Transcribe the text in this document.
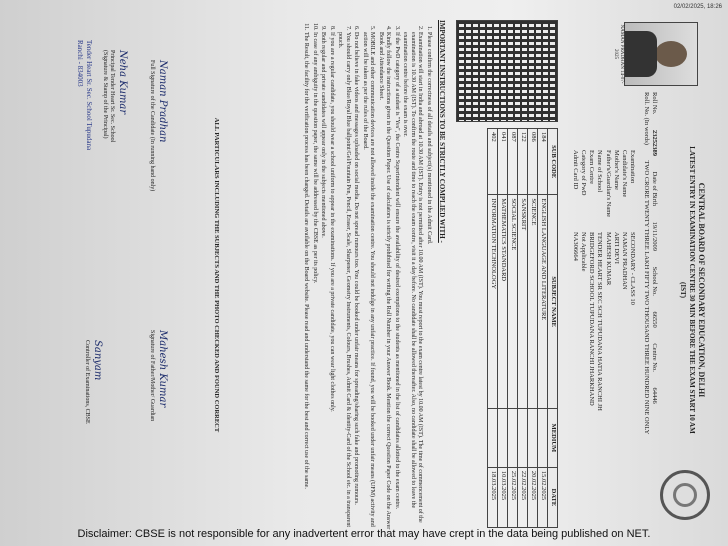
CENTRAL BOARD OF SECONDARY EDUCATION, DELHI
LATEST ENTRY IN EXAMINATION CENTRE 30 MIN BEFORE THE EXAM START 10 AM (IST)
NAMAN PRADHAN 14-07-2025
Roll No. 23252389 Date of Birth 19/11/2009 School No. 66550 Centre No. 64446
Roll. No. (In words) TWO CRORE TWENTY THREE LAKH FIFTY TWO THOUSAND THREE HUNDRED NINE ONLY
Examination
SECONDARY - CLASS 10
Candidate's Name
NAMAN PRADHAN
Mother's Name
ARTI DEVI
Father's/Guardian's Name
MAHESH KUMAR
Name of School
TENDER HEART SR SEC SCH TUPUDANA HATIA RANCHI JH
Exam Centre
BRIDGEFORD SCHOOL TUPUDANA RANCHI JHARKHAND
Category of PwD
Not Applicable
Admit Card ID
NA306664
SUB CODE	SUBJECT NAME	MEDIUM	DATE
184	ENGLISH LANGUAGE AND LITERATURE		15.02.2025
086	SCIENCE		20.02.2025
122	SANSKRIT		22.02.2025
087	SOCIAL SCIENCE		25.02.2025
041	MATHEMATICS STANDARD		10.03.2025
402	INFORMATION TECHNOLOGY		18.03.2025
IMPORTANT INSTRUCTIONS TO BE STRICTLY COMPLIED WITH -
1. Please confirm the correctness of all details and subject(s) mentioned in the Admit Card.
2. Examination will start in India and abroad at 10.30 AM (IST). Entry is not permitted after 10.00 AM (IST). You must report to the exam centre latest by 10.00 AM (IST). The time of commencement of the examination is 10.30 AM (IST). To confirm the route and time to reach the exam centre, visit it a day before. No candidate shall be allowed thereafter. Also, no candidate shall be allowed to leave the examination centre before the exam is over.
3. If the PwD category of a student is "Yes", the Centre Superintendent will ensure the availability of desired exemptions to the students as mentioned in the list of candidates allotted to the exam centre.
4. Kindly follow the instructions given in the Question Paper. Use of calculators is strictly prohibited for writing the Roll Number in your Answer Book. Mention the correct Question Paper Code on the Answer Book and Attendance Sheet.
5. MOBILE and other communication devices are not allowed inside the examination centre. You should not indulge in any unfair practice. If found, you will be booked under unfair means (UFM) activity and action will be taken as per the rules of the Board.
6. Do not believe in fake videos and messages uploaded on social media. Do not spread rumours too. You could be booked under unfair means for spreading/sharing such fake and promoting rumours.
7. You should carry only Blue/Royal Blue ballpoint/Gel/Fountain Pen, Pencil, Eraser, Scale, Sharpener, Geometry Instruments, Colours, Brushes, Admit Card & Identity-Card of the School etc. in a transparent pouch.
8. If you are a regular candidate, you should wear a school uniform to appear in the examinations. If you are a private candidate, you can wear light clothes only.
9. Both regular and private candidates will appear only in the subjects mentioned above.
10. In case of any ambiguity in the question paper, the same will be addressed by the CBSE as per its policy.
11. The Result, the facility for the verification process has been changed. Details are available on the Board website. Please read and understand the same for the best and correct use of the same.
ALL PARTICULARS INCLUDING THE SUBJECTS AND THE PHOTO CHECKED AND FOUND CORRECT
Naman Pradhan
Full Signature of the Candidate (In running hand only)
Mahesh Kumar
Signature of Father/Mother/ Guardian
Neha Kumar
Principal Tender Heart Sr. Sec. School
(Signature & Stamp of the Principal)
Tender Heart Sr. Sec. School Tupudana Ranchi - 834003
Sanyam
Controller of Examinations, CBSE
02/02/2025, 18:26
Disclaimer: CBSE is not responsible for any inadvertent error that may have crept in the data being published on NET.
